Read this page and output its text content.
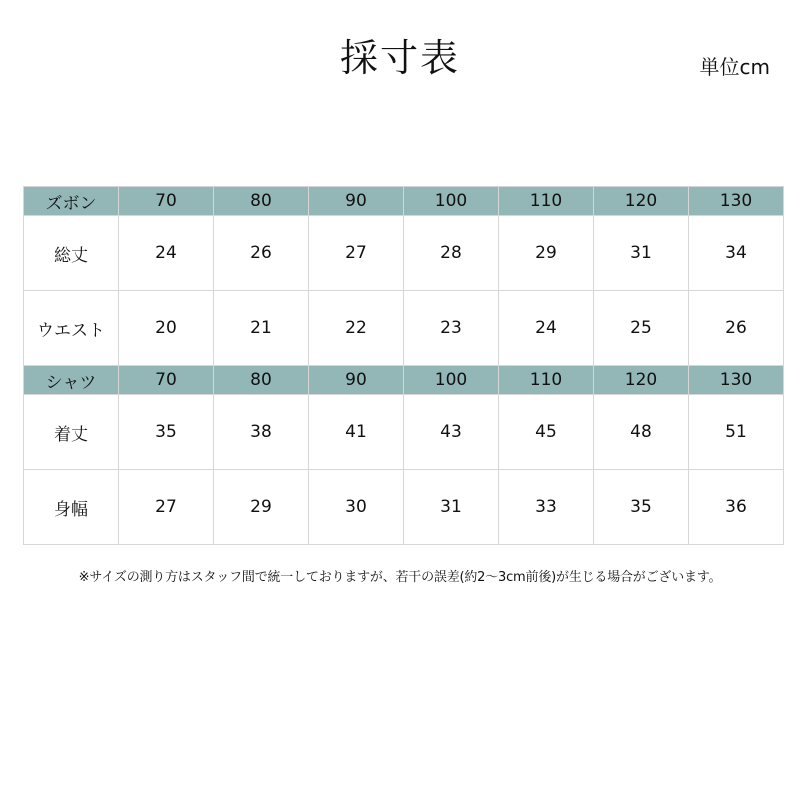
採寸表	単位cm
ズボン	70	80	90	100	110	120	130
総丈	24	26	27	28	29	31	34
ウエスト	20	21	22	23	24	25	26
シャツ	70	80	90	100	110	120	130
着丈	35	38	41	43	45	48	51
身幅	27	29	30	31	33	35	36
※サイズの測り方はスタッフ間で統一しておりますが、若干の誤差(約2～3cm前後)が生じる場合がございます。
